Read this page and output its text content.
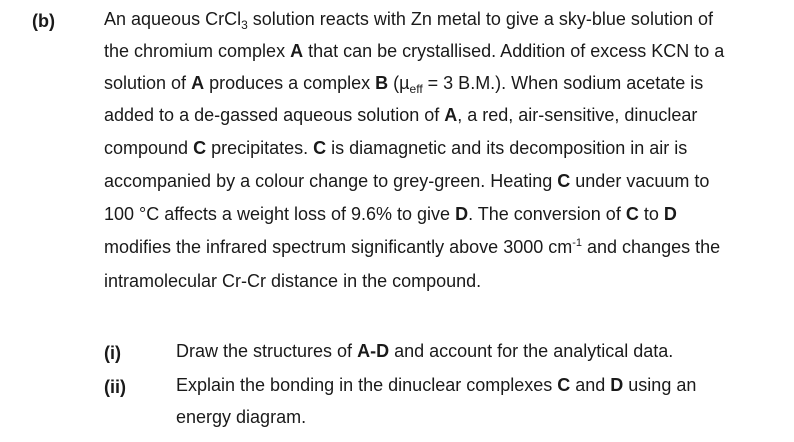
(b)	An aqueous CrCl$_3$ solution reacts with Zn metal to give a sky-blue solution of
the chromium complex A that can be crystallised. Addition of excess KCN to a
solution of A produces a complex B (µ$_{eff}$ = 3 B.M.). When sodium acetate is
added to a de-gassed aqueous solution of A, a red, air-sensitive, dinuclear
compound C precipitates. C is diamagnetic and its decomposition in air is
accompanied by a colour change to grey-green. Heating C under vacuum to
100 °C affects a weight loss of 9.6% to give D. The conversion of C to D
modifies the infrared spectrum significantly above 3000 $cm^{-1}$ and changes the
intramolecular Cr-Cr distance in the compound.
(i)	Draw the structures of A-D and account for the analytical data.
(ii)	Explain the bonding in the dinuclear complexes C and D using an
energy diagram.
